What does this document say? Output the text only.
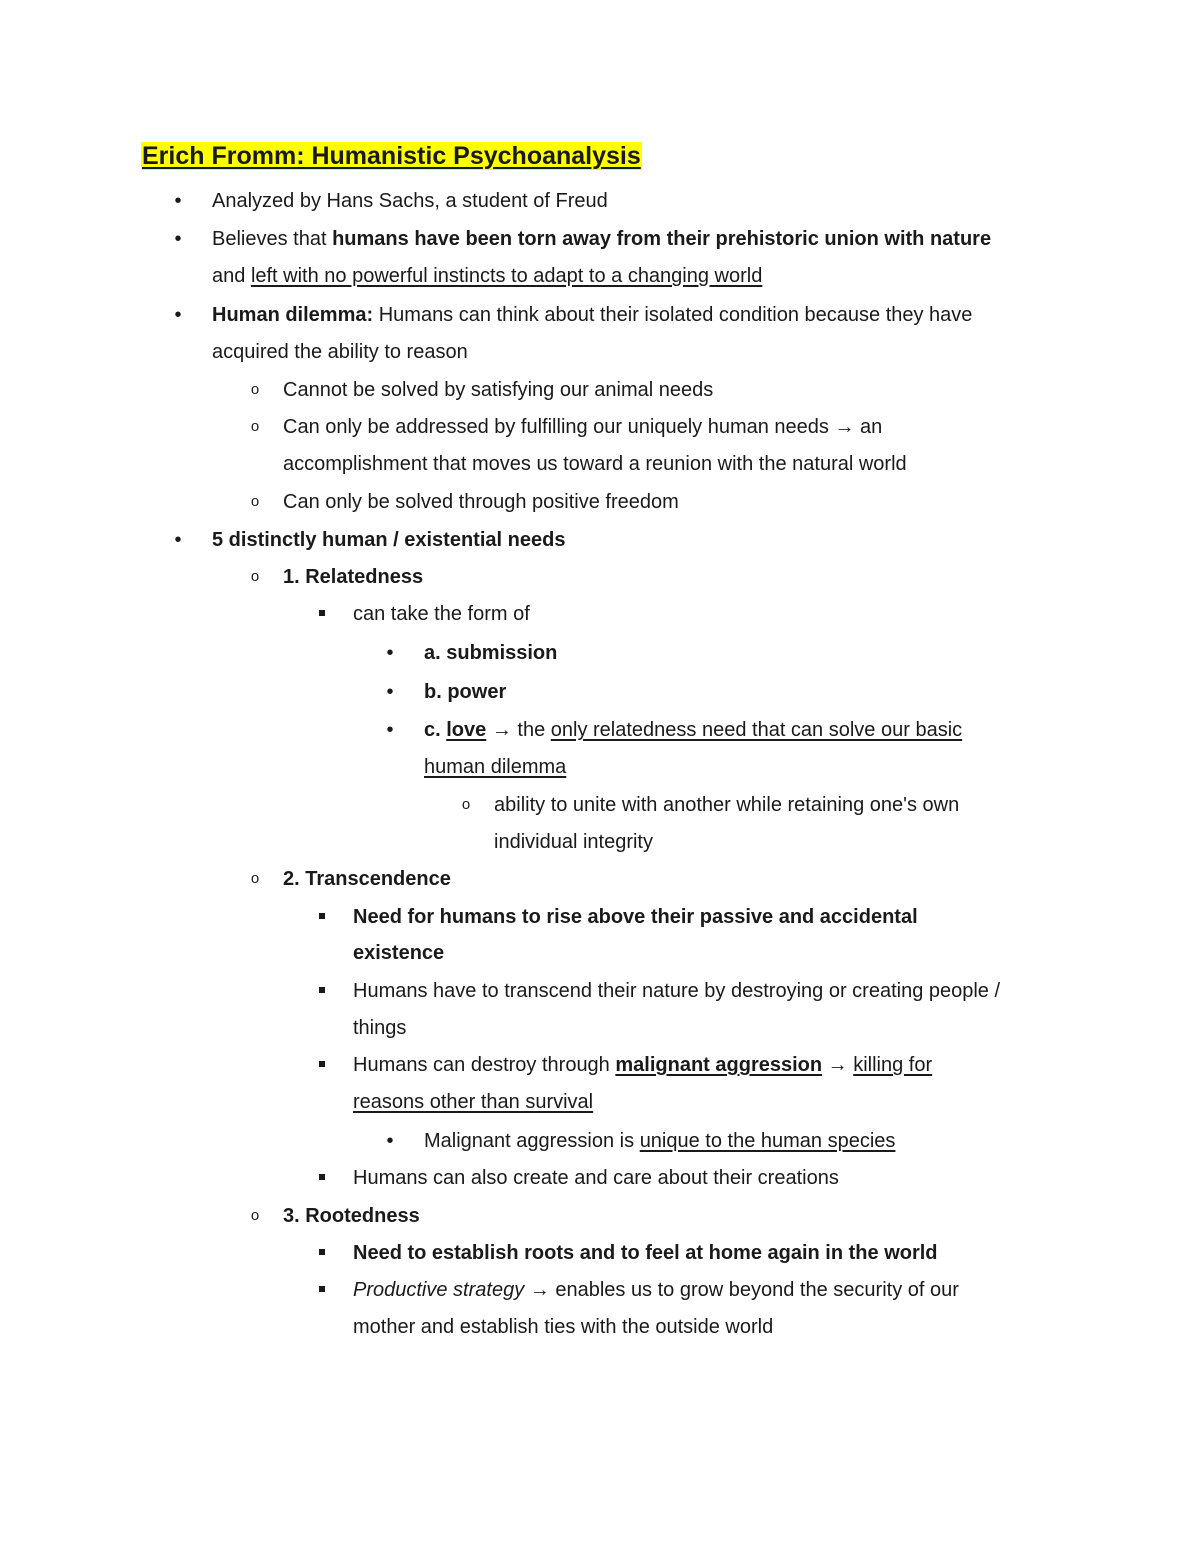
Erich Fromm: Humanistic Psychoanalysis
•
Analyzed by Hans Sachs, a student of Freud
•
Believes that humans have been torn away from their prehistoric union with nature
and left with no powerful instincts to adapt to a changing world
•
Human dilemma: Humans can think about their isolated condition because they have
acquired the ability to reason
o Cannot be solved by satisfying our animal needs
o Can only be addressed by fulfilling our uniquely human needs → an
accomplishment that moves us toward a reunion with the natural world
o Can only be solved through positive freedom
•
5 distinctly human / existential needs
o 1. Relatedness
can take the form of
•
a. submission
•
b. power
•
c. love → the only relatedness need that can solve our basic
human dilemma
o ability to unite with another while retaining one's own
individual integrity
o 2. Transcendence
Need for humans to rise above their passive and accidental
existence
Humans have to transcend their nature by destroying or creating people /
things
Humans can destroy through malignant aggression → killing for
reasons other than survival
•
Malignant aggression is unique to the human species
Humans can also create and care about their creations
o 3. Rootedness
Need to establish roots and to feel at home again in the world
Productive strategy → enables us to grow beyond the security of our
mother and establish ties with the outside world
